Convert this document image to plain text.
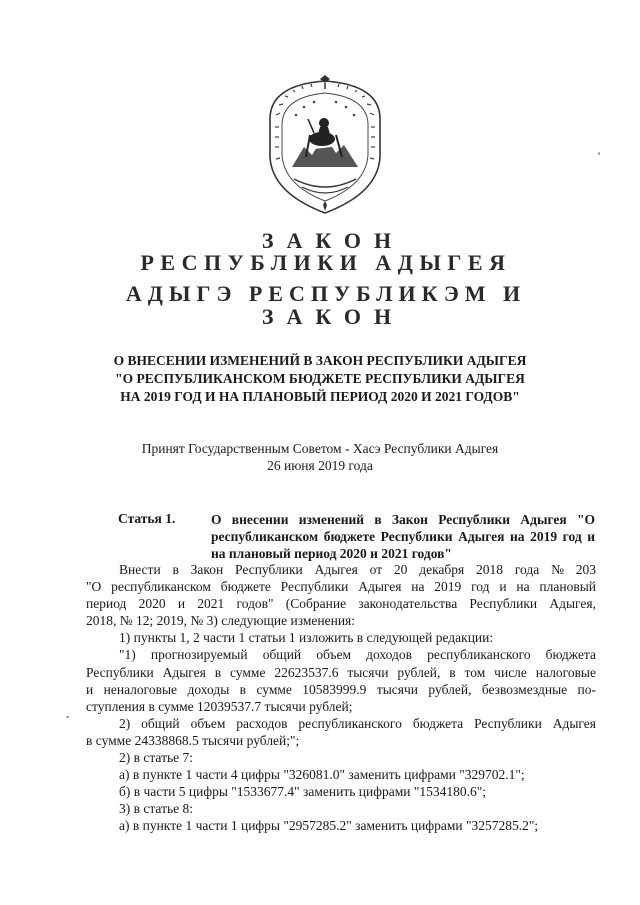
ЗАКОН
РЕСПУБЛИКИ АДЫГЕЯ
АДЫГЭ РЕСПУБЛИКЭМ И
ЗАКОН
О ВНЕСЕНИИ ИЗМЕНЕНИЙ В ЗАКОН РЕСПУБЛИКИ АДЫГЕЯ
"О РЕСПУБЛИКАНСКОМ БЮДЖЕТЕ РЕСПУБЛИКИ АДЫГЕЯ
НА 2019 ГОД И НА ПЛАНОВЫЙ ПЕРИОД 2020 И 2021 ГОДОВ"
Принят Государственным Советом - Хасэ Республики Адыгея
26 июня 2019 года
Статья 1.	О внесении изменений в Закон Республики Адыгея "О республиканском бюджете Республики Адыгея на 2019 год и на плановый период 2020 и 2021 годов"

Внести в Закон Республики Адыгея от 20 декабря 2018 года № 203

"О республиканском бюджете Республики Адыгея на 2019 год и на плановый

период 2020 и 2021 годов" (Собрание законодательства Республики Адыгея,

2018, № 12; 2019, № 3) следующие изменения:

1) пункты 1, 2 части 1 статьи 1 изложить в следующей редакции:

"1) прогнозируемый общий объем доходов республиканского бюджета

Республики Адыгея в сумме 22623537.6 тысячи рублей, в том числе налоговые

и неналоговые доходы в сумме 10583999.9 тысячи рублей, безвозмездные по-

ступления в сумме 12039537.7 тысячи рублей;

2) общий объем расходов республиканского бюджета Республики Адыгея

в сумме 24338868.5 тысячи рублей;";

2) в статье 7:

а) в пункте 1 части 4 цифры "326081.0" заменить цифрами "329702.1";

б) в части 5 цифры "1533677.4" заменить цифрами "1534180.6";

3) в статье 8:

а) в пункте 1 части 1 цифры "2957285.2" заменить цифрами "3257285.2";
